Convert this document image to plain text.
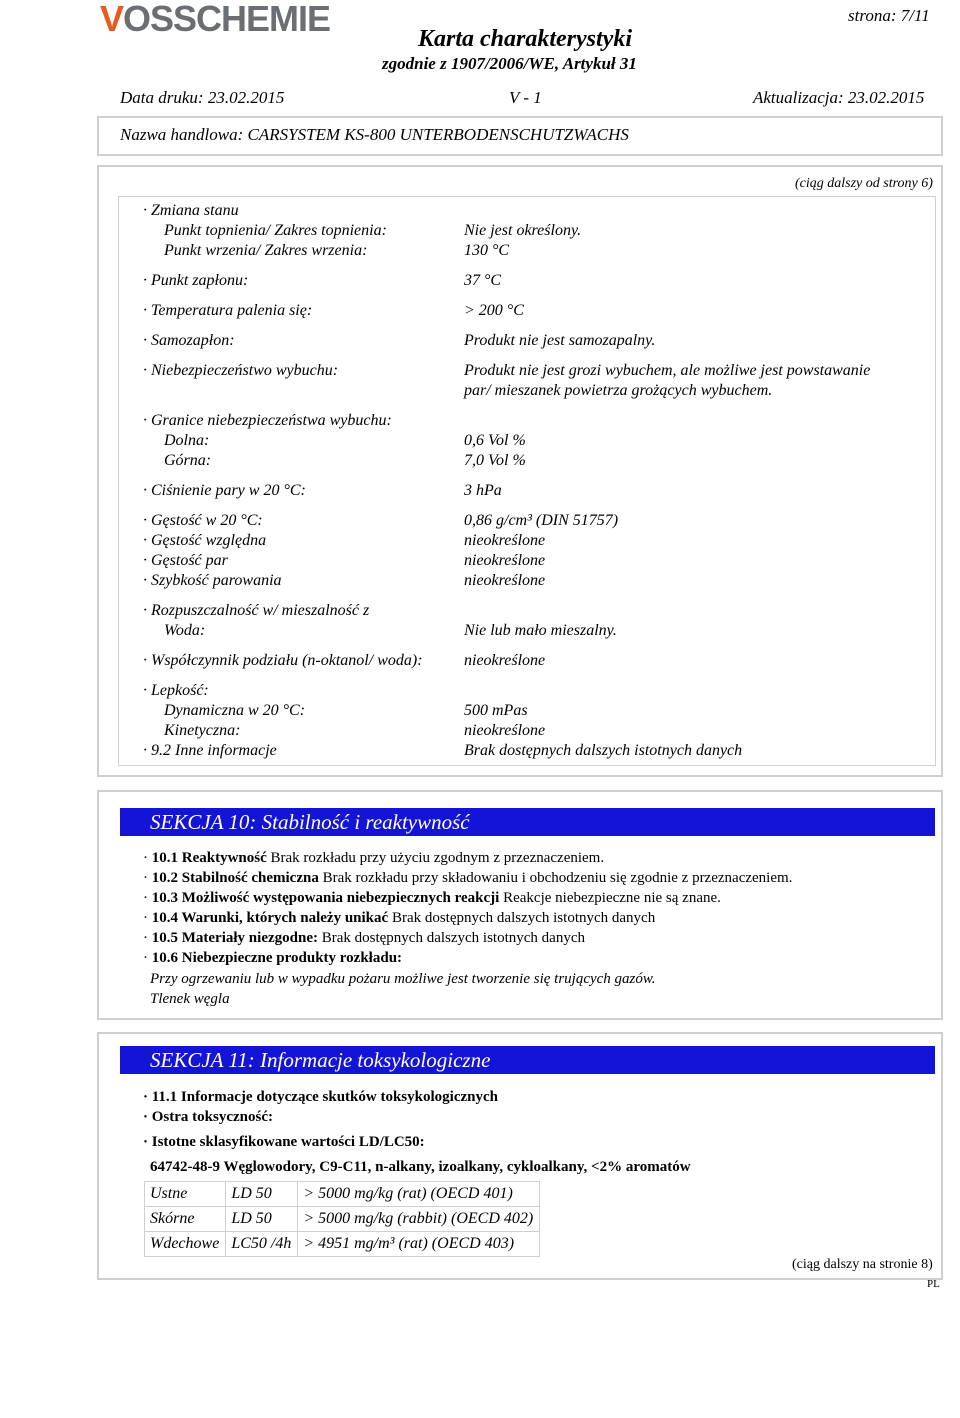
VOSSCHEMIE	Karta charakterystyki
zgodnie z 1907/2006/WE, Artykuł 31
strona: 7/11
Data druku: 23.02.2015	V - 1	Aktualizacja: 23.02.2015
Nazwa handlowa: CARSYSTEM KS-800 UNTERBODENSCHUTZWACHS
(ciąg dalszy od strony 6)
· Zmiana stanu
Punkt topnienia/ Zakres topnienia:	Nie jest określony.
Punkt wrzenia/ Zakres wrzenia:	130 °C
· Punkt zapłonu:	37 °C
· Temperatura palenia się:	> 200 °C
· Samozapłon:	Produkt nie jest samozapalny.
· Niebezpieczeństwo wybuchu:	Produkt nie jest grozi wybuchem, ale możliwe jest powstawanie
par/ mieszanek powietrza grożących wybuchem.
· Granice niebezpieczeństwa wybuchu:
Dolna:	0,6 Vol %
Górna:	7,0 Vol %
· Ciśnienie pary w 20 °C:	3 hPa
· Gęstość w 20 °C:	0,86 g/cm³ (DIN 51757)
· Gęstość względna	nieokreślone
· Gęstość par	nieokreślone
· Szybkość parowania	nieokreślone
· Rozpuszczalność w/ mieszalność z
Woda:	Nie lub mało mieszalny.
· Współczynnik podziału (n-oktanol/ woda):	nieokreślone
· Lepkość:
Dynamiczna w 20 °C:	500 mPas
Kinetyczna:	nieokreślone
· 9.2 Inne informacje	Brak dostępnych dalszych istotnych danych
SEKCJA 10: Stabilność i reaktywność
· 10.1 Reaktywność Brak rozkładu przy użyciu zgodnym z przeznaczeniem.
· 10.2 Stabilność chemiczna Brak rozkładu przy składowaniu i obchodzeniu się zgodnie z przeznaczeniem.
· 10.3 Możliwość występowania niebezpiecznych reakcji Reakcje niebezpieczne nie są znane.
· 10.4 Warunki, których należy unikać Brak dostępnych dalszych istotnych danych
· 10.5 Materiały niezgodne: Brak dostępnych dalszych istotnych danych
· 10.6 Niebezpieczne produkty rozkładu:
Przy ogrzewaniu lub w wypadku pożaru możliwe jest tworzenie się trujących gazów.
Tlenek węgla
SEKCJA 11: Informacje toksykologiczne
· 11.1 Informacje dotyczące skutków toksykologicznych
· Ostra toksyczność:
· Istotne sklasyfikowane wartości LD/LC50:
64742-48-9 Węglowodory, C9-C11, n-alkany, izoalkany, cykloalkany, <2% aromatów
Ustne	LD 50	> 5000 mg/kg (rat) (OECD 401)
Skórne	LD 50	> 5000 mg/kg (rabbit) (OECD 402)
Wdechowe	LC50 /4h	> 4951 mg/m³ (rat) (OECD 403)
(ciąg dalszy na stronie 8)
PL
